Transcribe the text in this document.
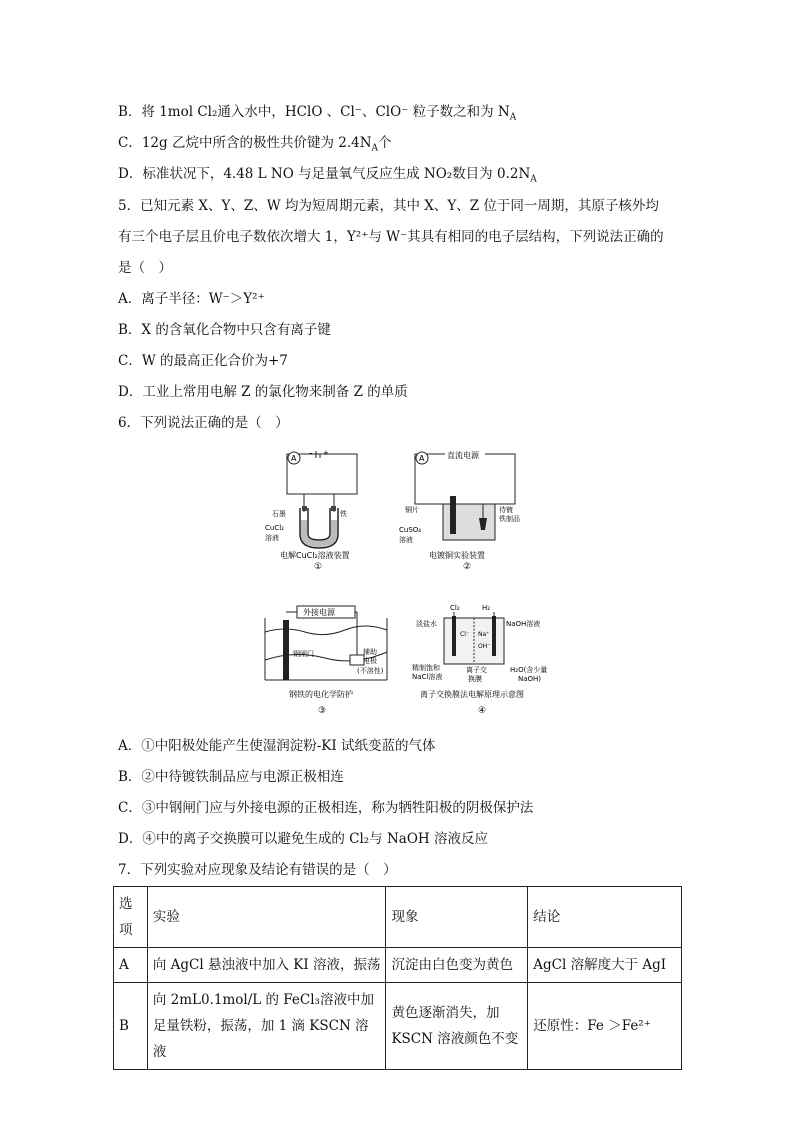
B．将 1mol Cl₂通入水中，HClO 、Cl⁻、ClO⁻ 粒子数之和为 $N_A$
C．12g 乙烷中所含的极性共价键为 $2.4N_A$个
D．标准状况下，4.48 L NO 与足量氧气反应生成 NO₂数目为 $0.2N_A$
5．已知元素 X、Y、Z、W 均为短周期元素，其中 X、Y、Z 位于同一周期，其原子核外均
有三个电子层且价电子数依次增大 1，Y²⁺与 W⁻其具有相同的电子层结构，下列说法正确的
是（　）
A．离子半径：W⁻＞Y²⁺
B．X 的含氧化合物中只含有离子键
C．W 的最高正化合价为+7
D．工业上常用电解 Z 的氯化物来制备 Z 的单质
6．下列说法正确的是（　）
A
+
–
石墨	铁
CuCl₂
溶液
电解CuCl₂溶液装置
①
A	直流电源
铜片	待镀
铁制品
CuSO₄
溶液
电镀铜实验装置
②
外接电源
钢闸门	辅助
电极
(不溶性)
钢铁的电化学防护
③
Cl₂	H₂
Cl⁻ Na⁺
OH⁻
淡盐水	NaOH溶液
精制饱和
NaCl溶液
离子交
换膜
H₂O(含少量
NaOH)
离子交换膜法电解原理示意图
④
A．①中阳极处能产生使湿润淀粉-KI 试纸变蓝的气体
B．②中待镀铁制品应与电源正极相连
C．③中钢闸门应与外接电源的正极相连，称为牺牲阳极的阴极保护法
D．④中的离子交换膜可以避免生成的 Cl₂与 NaOH 溶液反应
7．下列实验对应现象及结论有错误的是（　）
选项	实验	现象	结论
A	向 AgCl 悬浊液中加入 KI 溶液，振荡	沉淀由白色变为黄色	AgCl 溶解度大于 AgI
B	向 2mL0.1mol/L 的 FeCl₃溶液中加足量铁粉，振荡，加 1 滴 KSCN 溶液	黄色逐渐消失，加 KSCN 溶液颜色不变	还原性：Fe ＞Fe²⁺
